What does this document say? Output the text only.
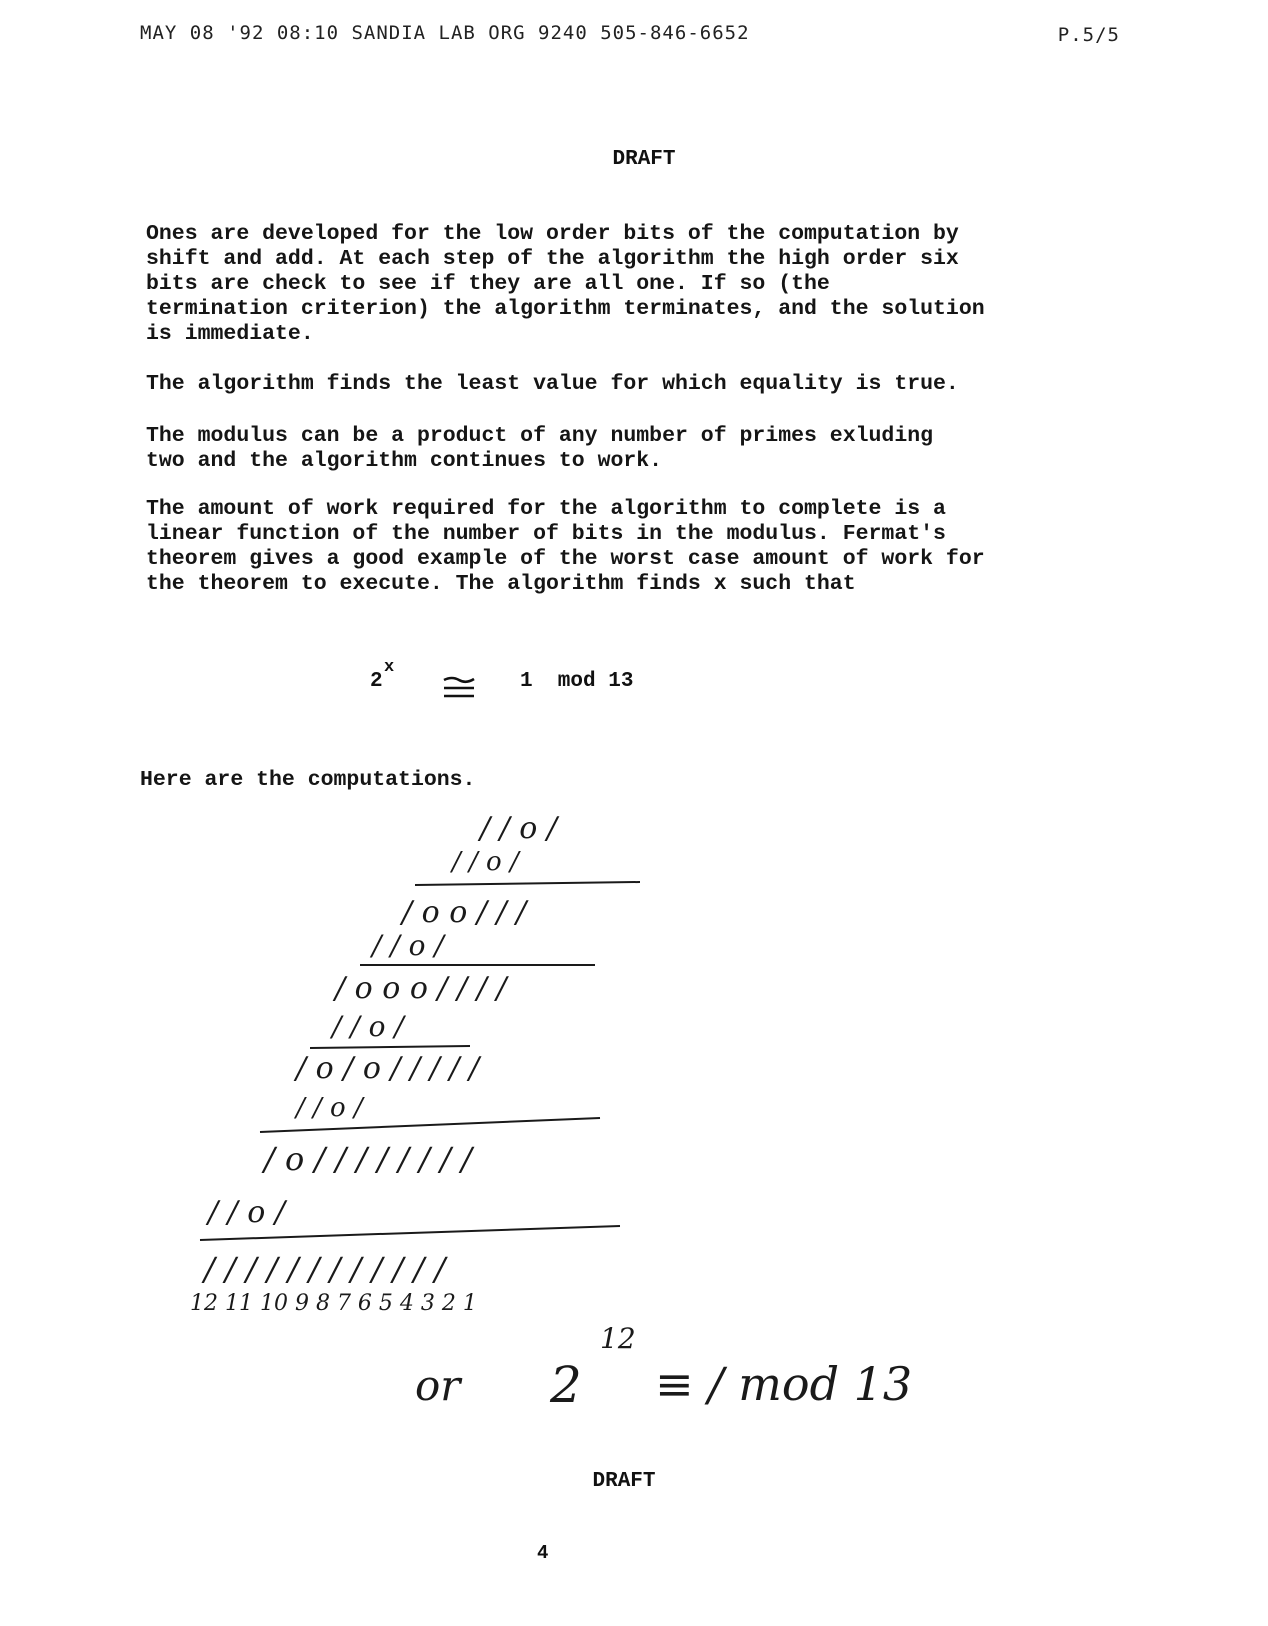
MAY 08 '92 08:10 SANDIA LAB ORG 9240 505-846-6652	P.5/5
DRAFT
Ones are developed for the low order bits of the computation by
shift and add. At each step of the algorithm the high order six
bits are check to see if they are all one. If so (the
termination criterion) the algorithm terminates, and the solution
is immediate.
The algorithm finds the least value for which equality is true.
The modulus can be a product of any number of primes exluding
two and the algorithm continues to work.
The amount of work required for the algorithm to complete is a
linear function of the number of bits in the modulus. Fermat's
theorem gives a good example of the worst case amount of work for
the theorem to execute. The algorithm finds x such that
2
x
1  mod 13
Here are the computations.
/ / o /
/ / o /
/ o o / / /
/ / o /
/ o o o / / / /
/ / o /
/ o / o / / / / /
/ / o /
/ o / / / / / / / /
/ / o /
/ / / / / / / / / / / /
12 11 10 9 8 7 6 5 4 3 2 1
or 2
12
≡ / mod 13
DRAFT
4
